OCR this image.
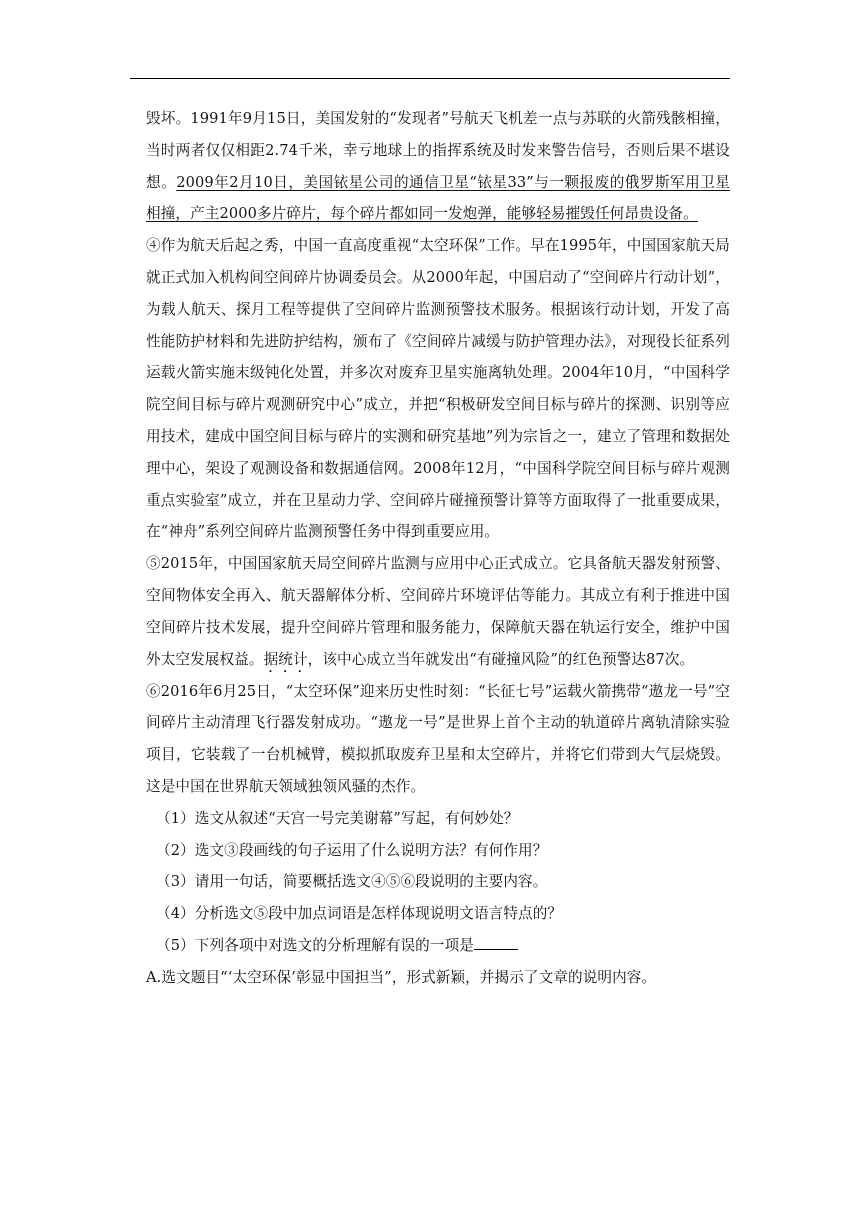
毁坏。1991年9月15日，美国发射的“发现者”号航天飞机差一点与苏联的火箭残骸相撞，当时两者仅仅相距2.74千米，幸亏地球上的指挥系统及时发来警告信号，否则后果不堪设想。2009年2月10日，美国铱星公司的通信卫星“铱星33”与一颗报废的俄罗斯军用卫星相撞，产主2000多片碎片，每个碎片都如同一发炮弹，能够轻易摧毁任何昂贵设备。

④作为航天后起之秀，中国一直高度重视“太空环保”工作。早在1995年，中国国家航天局就正式加入机构间空间碎片协调委员会。从2000年起，中国启动了“空间碎片行动计划”，为载人航天、探月工程等提供了空间碎片监测预警技术服务。根据该行动计划，开发了高性能防护材料和先进防护结构，颁布了《空间碎片减缓与防护管理办法》，对现役长征系列运载火箭实施末级钝化处置，并多次对废弃卫星实施离轨处理。2004年10月，“中国科学院空间目标与碎片观测研究中心”成立，并把“积极研发空间目标与碎片的探测、识别等应用技术，建成中国空间目标与碎片的实测和研究基地”列为宗旨之一，建立了管理和数据处理中心，架设了观测设备和数据通信网。2008年12月，“中国科学院空间目标与碎片观测重点实验室”成立，并在卫星动力学、空间碎片碰撞预警计算等方面取得了一批重要成果，在“神舟”系列空间碎片监测预警任务中得到重要应用。

⑤2015年，中国国家航天局空间碎片监测与应用中心正式成立。它具备航天器发射预警、空间物体安全再入、航天器解体分析、空间碎片环境评估等能力。其成立有利于推进中国空间碎片技术发展，提升空间碎片管理和服务能力，保障航天器在轨运行安全，维护中国外太空发展权益。据统计，该中心成立当年就发出“有碰撞风险”的红色预警达87次。

⑥2016年6月25日，“太空环保”迎来历史性时刻：“长征七号”运载火箭携带“遨龙一号”空间碎片主动清理飞行器发射成功。“遨龙一号”是世界上首个主动的轨道碎片离轨清除实验项目，它装载了一台机械臂，模拟抓取废弃卫星和太空碎片，并将它们带到大气层烧毁。这是中国在世界航天领域独领风骚的杰作。

（1）选文从叙述“天宫一号完美谢幕”写起，有何妙处？

（2）选文③段画线的句子运用了什么说明方法？有何作用？

（3）请用一句话，简要概括选文④⑤⑥段说明的主要内容。

（4）分析选文⑤段中加点词语是怎样体现说明文语言特点的？

（5）下列各项中对选文的分析理解有误的一项是

A.选文题目“‘太空环保’彰显中国担当”，形式新颖，并揭示了文章的说明内容。
